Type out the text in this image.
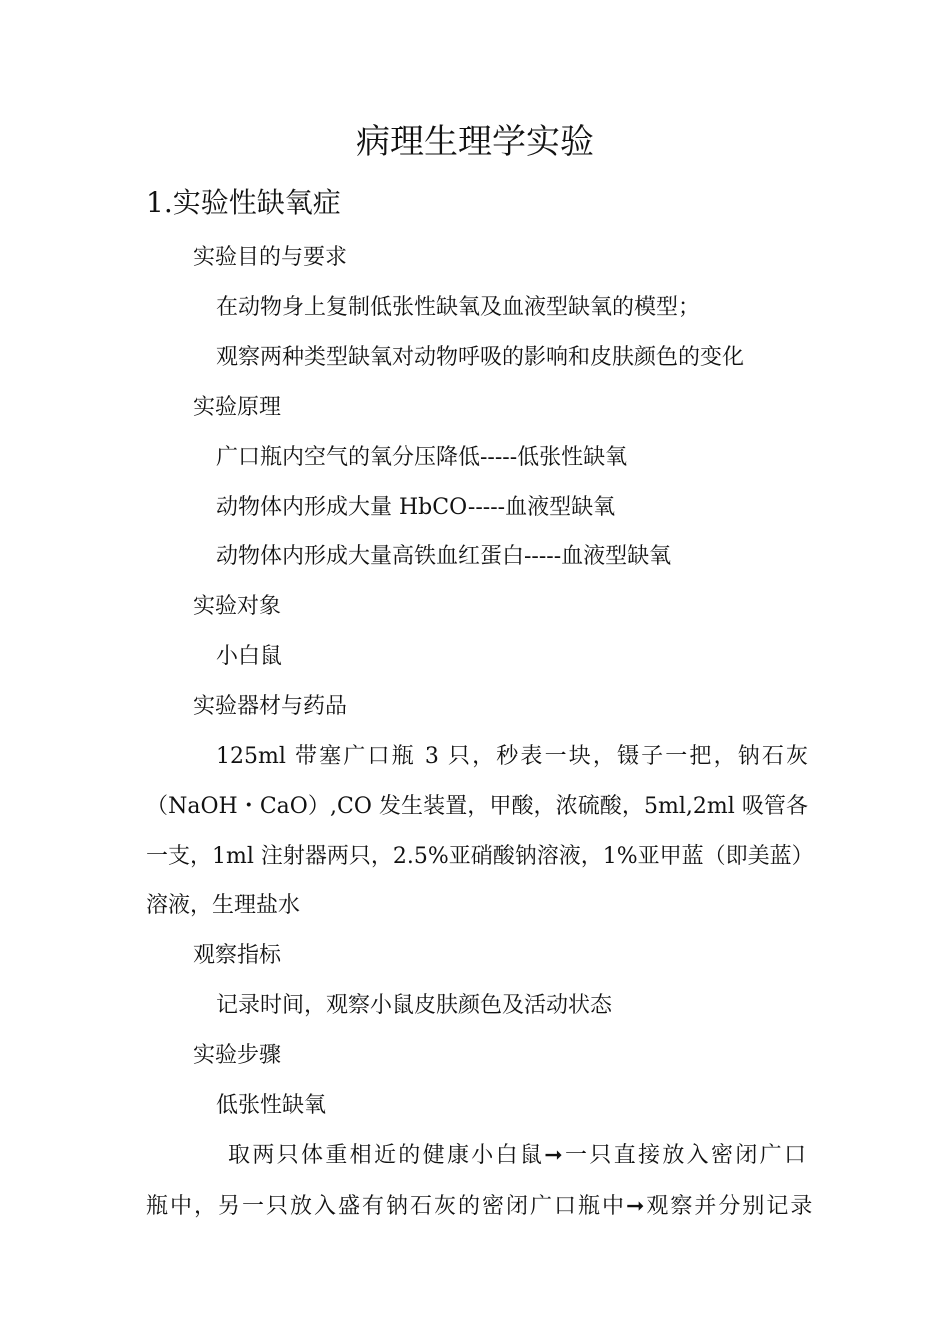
病理生理学实验
1.实验性缺氧症
实验目的与要求
在动物身上复制低张性缺氧及血液型缺氧的模型；
观察两种类型缺氧对动物呼吸的影响和皮肤颜色的变化
实验原理
广口瓶内空气的氧分压降低-----低张性缺氧
动物体内形成大量 HbCO-----血液型缺氧
动物体内形成大量高铁血红蛋白-----血液型缺氧
实验对象
小白鼠
实验器材与药品
125ml 带塞广口瓶 3 只，秒表一块，镊子一把，钠石灰
（NaOH・CaO）,CO 发生装置，甲酸，浓硫酸，5ml,2ml 吸管各
一支，1ml 注射器两只，2.5%亚硝酸钠溶液，1%亚甲蓝（即美蓝）
溶液，生理盐水
观察指标
记录时间，观察小鼠皮肤颜色及活动状态
实验步骤
低张性缺氧
取两只体重相近的健康小白鼠➞一只直接放入密闭广口
瓶中，另一只放入盛有钠石灰的密闭广口瓶中➞观察并分别记录
